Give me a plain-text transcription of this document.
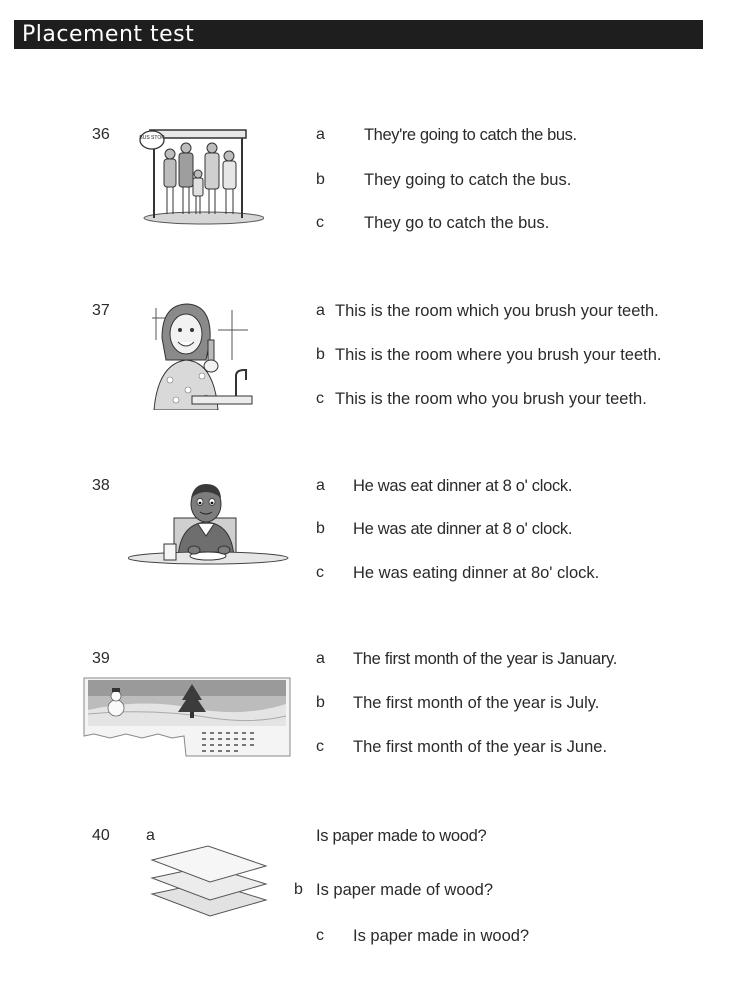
Placement test
36	BUS STOP	a They're going to catch the bus.
b They going to catch the bus.
c They go to catch the bus.
37	a This is the room which you brush your teeth.
b This is the room where you brush your teeth.
c This is the room who you brush your teeth.
38	a He was eat dinner at 8 o' clock.
b He was ate dinner at 8 o' clock.
c He was eating dinner at 8o' clock.
39	a The first month of the year is January.
b The first month of the year is July.
c The first month of the year is June.
40 a	Is paper made to wood?
b Is paper made of wood?
c Is paper made in wood?
